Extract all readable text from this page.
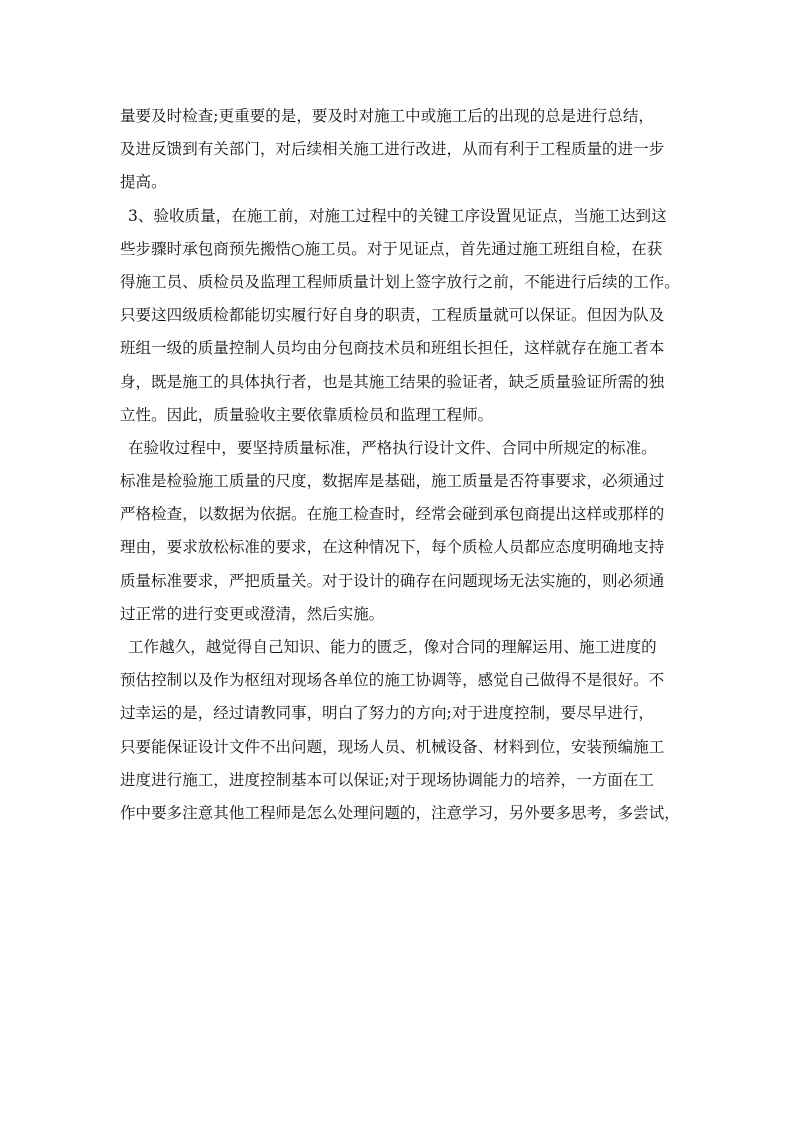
量要及时检查;更重要的是，要及时对施工中或施工后的出现的总是进行总结，
及进反馈到有关部门，对后续相关施工进行改进，从而有利于工程质量的进一步
提高。
3、验收质量，在施工前，对施工过程中的关键工序设置见证点，当施工达到这
些步骤时承包商预先搬悎○施工员。对于见证点，首先通过施工班组自检，在获
得施工员、质检员及监理工程师质量计划上签字放行之前，不能进行后续的工作。
只要这四级质检都能切实履行好自身的职责，工程质量就可以保证。但因为队及
班组一级的质量控制人员均由分包商技术员和班组长担任，这样就存在施工者本
身，既是施工的具体执行者，也是其施工结果的验证者，缺乏质量验证所需的独
立性。因此，质量验收主要依靠质检员和监理工程师。
在验收过程中，要坚持质量标准，严格执行设计文件、合同中所规定的标准。
标准是检验施工质量的尺度，数据库是基础，施工质量是否符事要求，必须通过
严格检查，以数据为依据。在施工检查时，经常会碰到承包商提出这样或那样的
理由，要求放松标准的要求，在这种情况下，每个质检人员都应态度明确地支持
质量标准要求，严把质量关。对于设计的确存在问题现场无法实施的，则必须通
过正常的进行变更或澄清，然后实施。
工作越久，越觉得自己知识、能力的匮乏，像对合同的理解运用、施工进度的
预估控制以及作为枢纽对现场各单位的施工协调等，感觉自己做得不是很好。不
过幸运的是，经过请教同事，明白了努力的方向;对于进度控制，要尽早进行，
只要能保证设计文件不出问题，现场人员、机械设备、材料到位，安装预编施工
进度进行施工，进度控制基本可以保证;对于现场协调能力的培养，一方面在工
作中要多注意其他工程师是怎么处理问题的，注意学习，另外要多思考，多尝试，
